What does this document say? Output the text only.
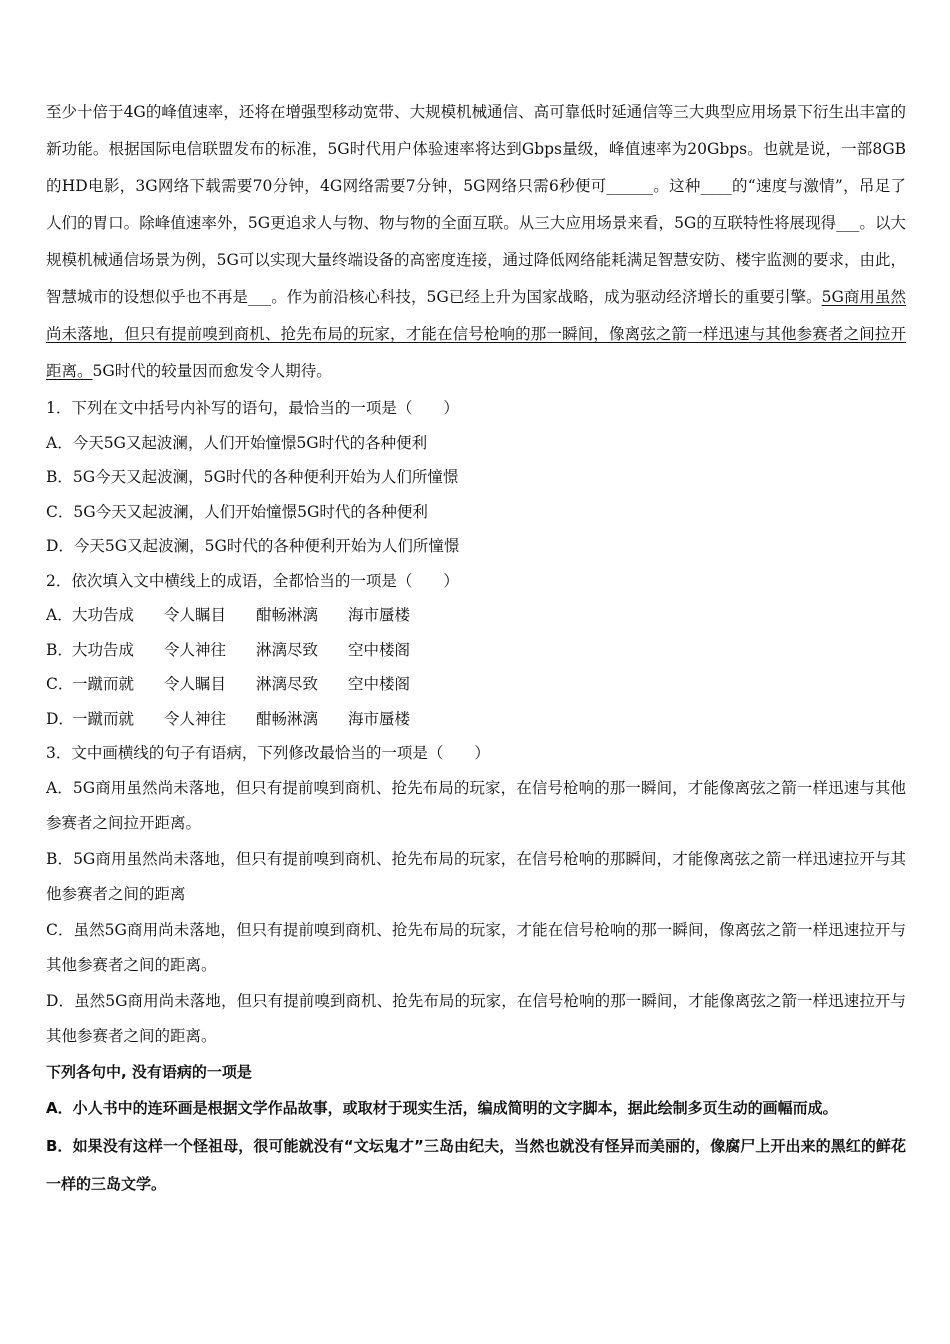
至少十倍于4G的峰值速率，还将在增强型移动宽带、大规模机械通信、高可靠低时延通信等三大典型应用场景下衍生出丰富的新功能。根据国际电信联盟发布的标准，5G时代用户体验速率将达到Gbps量级，峰值速率为20Gbps。也就是说，一部8GB的HD电影，3G网络下载需要70分钟，4G网络需要7分钟，5G网络只需6秒便可______。这种____的“速度与激情”，吊足了人们的胃口。除峰值速率外，5G更追求人与物、物与物的全面互联。从三大应用场景来看，5G的互联特性将展现得___。以大规模机械通信场景为例，5G可以实现大量终端设备的高密度连接，通过降低网络能耗满足智慧安防、楼宇监测的要求，由此，智慧城市的设想似乎也不再是___。作为前沿核心科技，5G已经上升为国家战略，成为驱动经济增长的重要引擎。5G商用虽然尚未落地，但只有提前嗅到商机、抢先布局的玩家，才能在信号枪响的那一瞬间，像离弦之箭一样迅速与其他参赛者之间拉开距离。5G时代的较量因而愈发令人期待。

1．下列在文中括号内补写的语句，最恰当的一项是（　　）

A．今天5G又起波澜，人们开始憧憬5G时代的各种便利

B．5G今天又起波澜，5G时代的各种便利开始为人们所憧憬

C．5G今天又起波澜，人们开始憧憬5G时代的各种便利

D．今天5G又起波澜，5G时代的各种便利开始为人们所憧憬

2．依次填入文中横线上的成语，全都恰当的一项是（　　）

A．大功告成 令人瞩目 酣畅淋漓 海市蜃楼

B．大功告成 令人神往 淋漓尽致 空中楼阁

C．一蹴而就 令人瞩目 淋漓尽致 空中楼阁

D．一蹴而就 令人神往 酣畅淋漓 海市蜃楼

3．文中画横线的句子有语病，下列修改最恰当的一项是（　　）

A．5G商用虽然尚未落地，但只有提前嗅到商机、抢先布局的玩家，在信号枪响的那一瞬间，才能像离弦之箭一样迅速与其他参赛者之间拉开距离。

B．5G商用虽然尚未落地，但只有提前嗅到商机、抢先布局的玩家，在信号枪响的那瞬间，才能像离弦之箭一样迅速拉开与其他参赛者之间的距离

C．虽然5G商用尚未落地，但只有提前嗅到商机、抢先布局的玩家，才能在信号枪响的那一瞬间，像离弦之箭一样迅速拉开与其他参赛者之间的距离。

D．虽然5G商用尚未落地，但只有提前嗅到商机、抢先布局的玩家，在信号枪响的那一瞬间，才能像离弦之箭一样迅速拉开与其他参赛者之间的距离。

下列各句中, 没有语病的一项是

A．小人书中的连环画是根据文学作品故事，或取材于现实生活，编成简明的文字脚本，据此绘制多页生动的画幅而成。

B．如果没有这样一个怪祖母，很可能就没有“文坛鬼才”三岛由纪夫，当然也就没有怪异而美丽的，像腐尸上开出来的黑红的鲜花一样的三岛文学。
